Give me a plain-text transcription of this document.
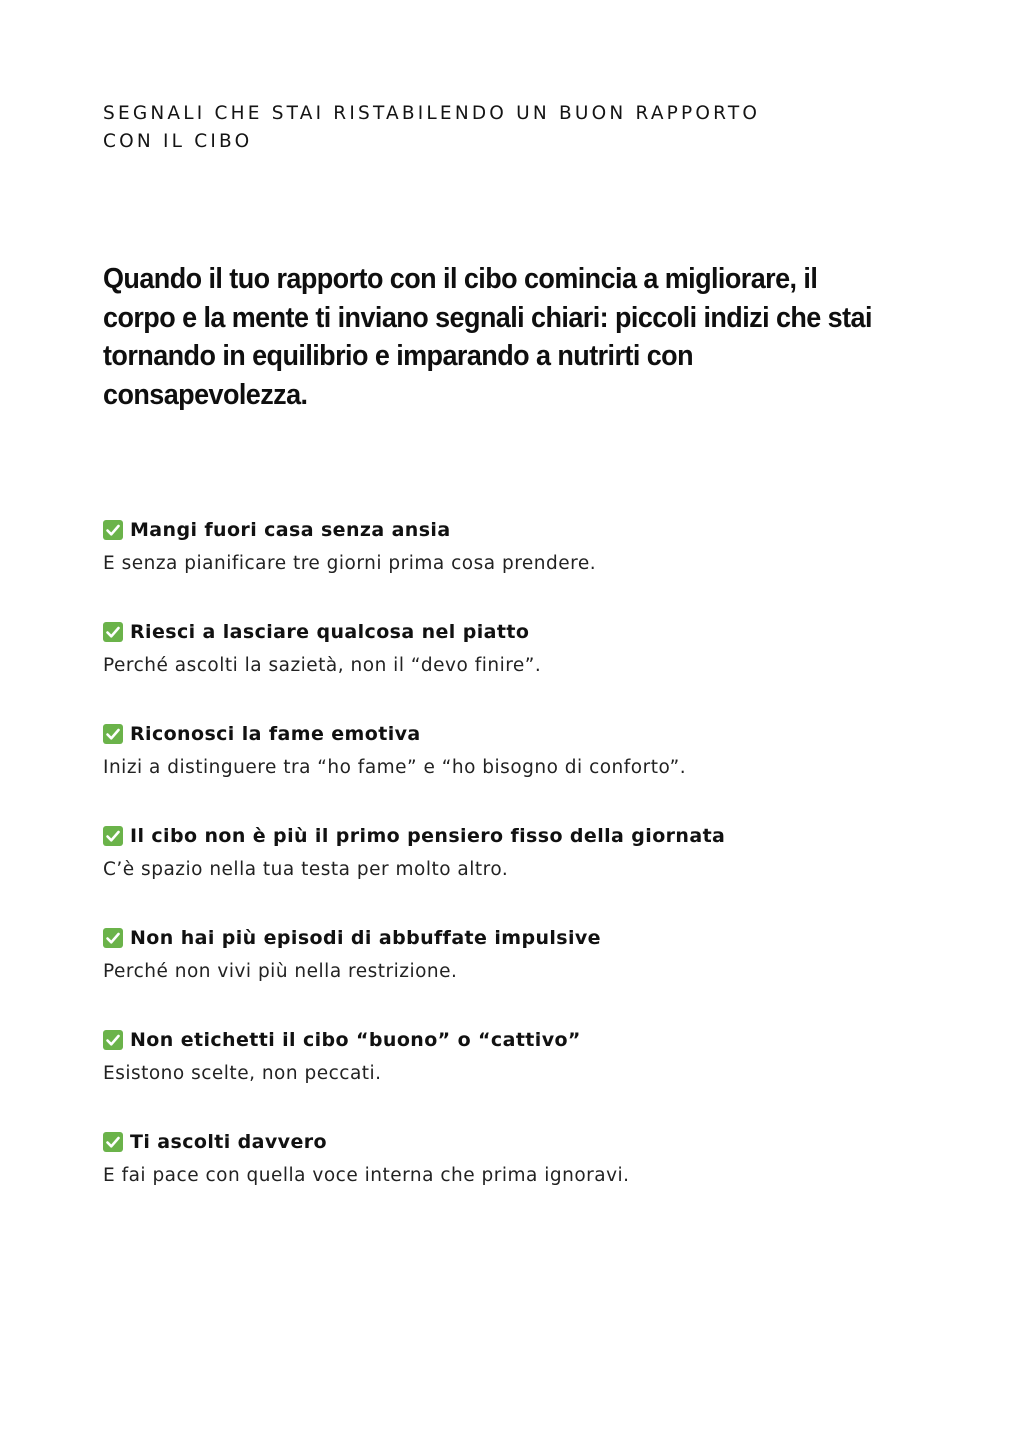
SEGNALI CHE STAI RISTABILENDO UN BUON RAPPORTO
CON IL CIBO

Quando il tuo rapporto con il cibo comincia a migliorare, il corpo e la mente ti inviano segnali chiari: piccoli indizi che stai tornando in equilibrio e imparando a nutrirti con consapevolezza.

Mangi fuori casa senza ansia
E senza pianificare tre giorni prima cosa prendere.
Riesci a lasciare qualcosa nel piatto
Perché ascolti la sazietà, non il “devo finire”.
Riconosci la fame emotiva
Inizi a distinguere tra “ho fame” e “ho bisogno di conforto”.
Il cibo non è più il primo pensiero fisso della giornata
C’è spazio nella tua testa per molto altro.
Non hai più episodi di abbuffate impulsive
Perché non vivi più nella restrizione.
Non etichetti il cibo “buono” o “cattivo”
Esistono scelte, non peccati.
Ti ascolti davvero
E fai pace con quella voce interna che prima ignoravi.
